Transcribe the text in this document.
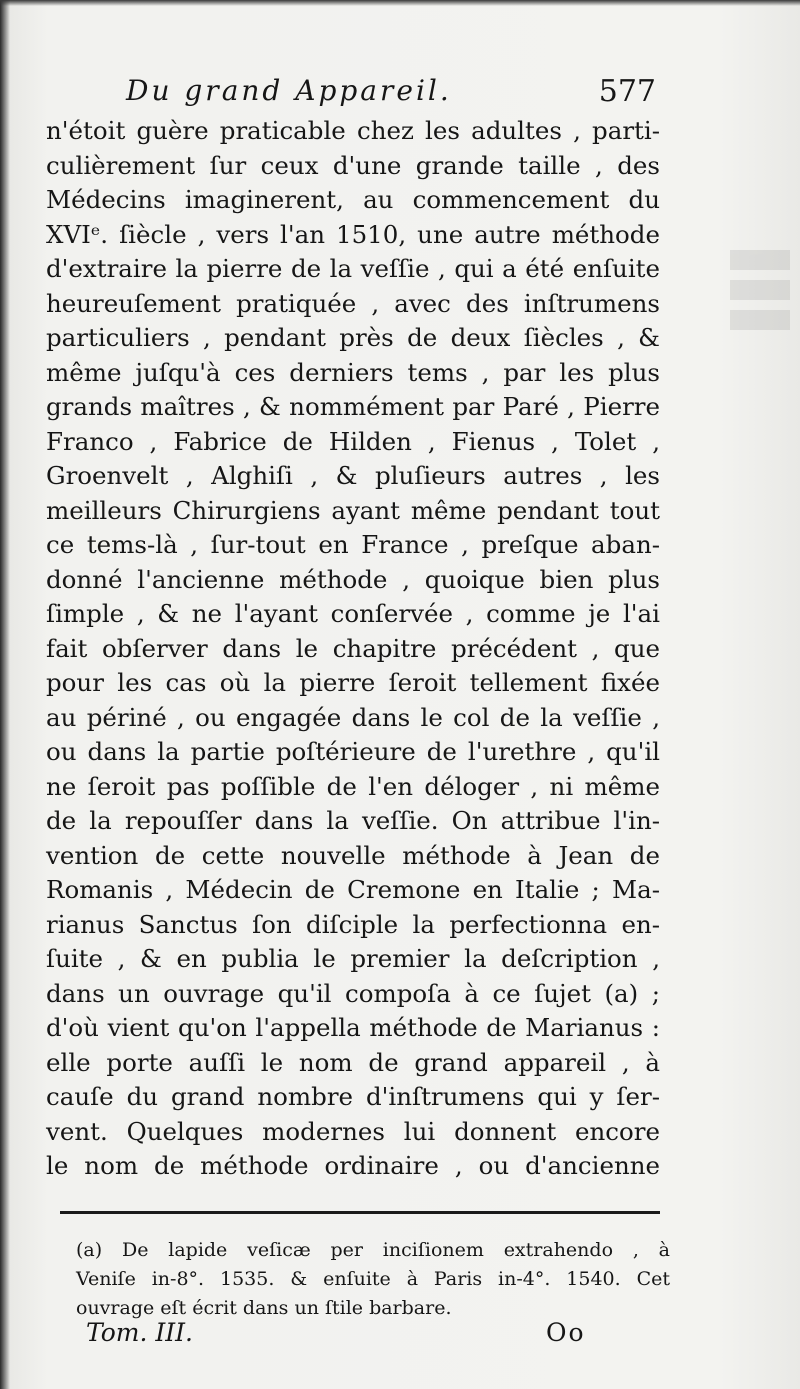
Du grand Appareil.	577
n'étoit guère praticable chez les adultes , parti-
culièrement ſur ceux d'une grande taille , des
Médecins imaginerent, au commencement du
XVIᵉ. ſiècle , vers l'an 1510, une autre méthode
d'extraire la pierre de la veſſie , qui a été enſuite
heureuſement pratiquée , avec des inſtrumens
particuliers , pendant près de deux ſiècles , &
même juſqu'à ces derniers tems , par les plus
grands maîtres , & nommément par Paré , Pierre
Franco , Fabrice de Hilden , Fienus , Tolet ,
Groenvelt , Alghiſi , & pluſieurs autres , les
meilleurs Chirurgiens ayant même pendant tout
ce tems-là , ſur-tout en France , preſque aban-
donné l'ancienne méthode , quoique bien plus
ſimple , & ne l'ayant conſervée , comme je l'ai
fait obſerver dans le chapitre précédent , que
pour les cas où la pierre ſeroit tellement fixée
au périné , ou engagée dans le col de la veſſie ,
ou dans la partie poſtérieure de l'urethre , qu'il
ne ſeroit pas poſſible de l'en déloger , ni même
de la repouſſer dans la veſſie. On attribue l'in-
vention de cette nouvelle méthode à Jean de
Romanis , Médecin de Cremone en Italie ; Ma-
rianus Sanctus ſon diſciple la perfectionna en-
ſuite , & en publia le premier la deſcription ,
dans un ouvrage qu'il compoſa à ce ſujet (a) ;
d'où vient qu'on l'appella méthode de Marianus :
elle porte auſſi le nom de grand appareil , à
cauſe du grand nombre d'inſtrumens qui y ſer-
vent. Quelques modernes lui donnent encore
le nom de méthode ordinaire , ou d'ancienne
(a) De lapide veſicæ per inciſionem extrahendo , à
Veniſe in-8°. 1535. & enſuite à Paris in-4°. 1540. Cet
ouvrage eſt écrit dans un ſtile barbare.
Tom. III.	Oo
